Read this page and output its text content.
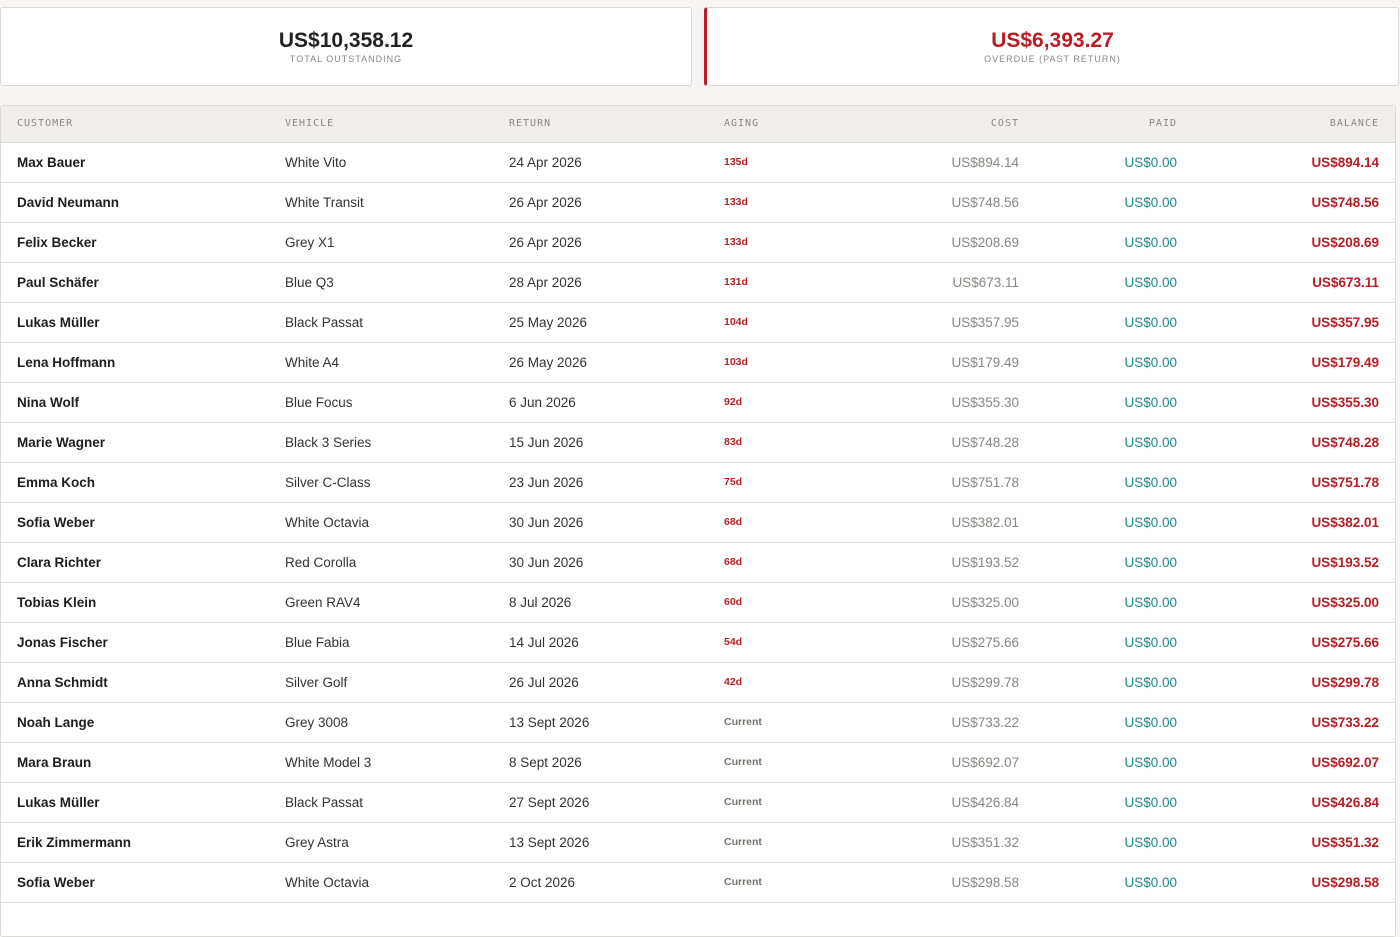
US$10,358.12
TOTAL OUTSTANDING
US$6,393.27
OVERDUE (PAST RETURN)
CUSTOMER	VEHICLE	RETURN	AGING	COST	PAID	BALANCE
Max Bauer	White Vito	24 Apr 2026	135d	US$894.14	US$0.00	US$894.14
David Neumann	White Transit	26 Apr 2026	133d	US$748.56	US$0.00	US$748.56
Felix Becker	Grey X1	26 Apr 2026	133d	US$208.69	US$0.00	US$208.69
Paul Schäfer	Blue Q3	28 Apr 2026	131d	US$673.11	US$0.00	US$673.11
Lukas Müller	Black Passat	25 May 2026	104d	US$357.95	US$0.00	US$357.95
Lena Hoffmann	White A4	26 May 2026	103d	US$179.49	US$0.00	US$179.49
Nina Wolf	Blue Focus	6 Jun 2026	92d	US$355.30	US$0.00	US$355.30
Marie Wagner	Black 3 Series	15 Jun 2026	83d	US$748.28	US$0.00	US$748.28
Emma Koch	Silver C-Class	23 Jun 2026	75d	US$751.78	US$0.00	US$751.78
Sofia Weber	White Octavia	30 Jun 2026	68d	US$382.01	US$0.00	US$382.01
Clara Richter	Red Corolla	30 Jun 2026	68d	US$193.52	US$0.00	US$193.52
Tobias Klein	Green RAV4	8 Jul 2026	60d	US$325.00	US$0.00	US$325.00
Jonas Fischer	Blue Fabia	14 Jul 2026	54d	US$275.66	US$0.00	US$275.66
Anna Schmidt	Silver Golf	26 Jul 2026	42d	US$299.78	US$0.00	US$299.78
Noah Lange	Grey 3008	13 Sept 2026	Current	US$733.22	US$0.00	US$733.22
Mara Braun	White Model 3	8 Sept 2026	Current	US$692.07	US$0.00	US$692.07
Lukas Müller	Black Passat	27 Sept 2026	Current	US$426.84	US$0.00	US$426.84
Erik Zimmermann	Grey Astra	13 Sept 2026	Current	US$351.32	US$0.00	US$351.32
Sofia Weber	White Octavia	2 Oct 2026	Current	US$298.58	US$0.00	US$298.58
